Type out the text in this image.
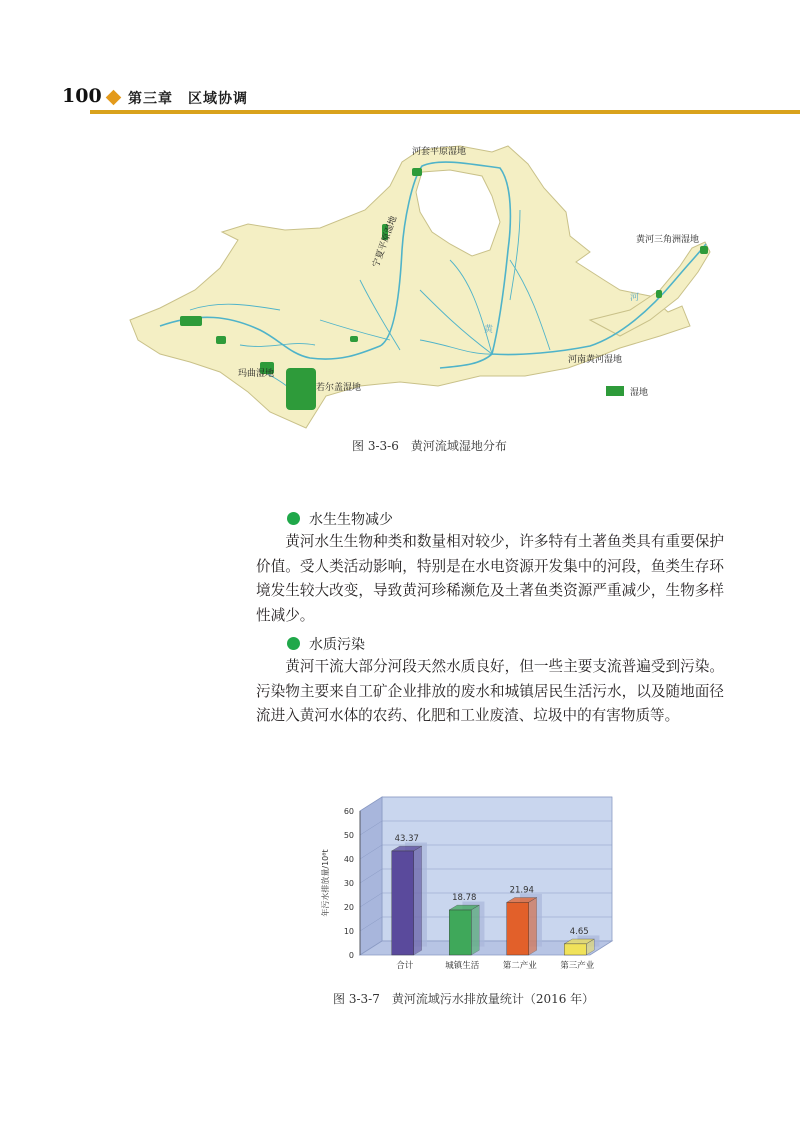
100 第三章　区域协调
河套平原湿地
宁夏平原湿地	黄河三角洲湿地
河南黄河湿地
玛曲湿地
若尔盖湿地
黄
河
湿地
图 3-3-6　黄河流域湿地分布
水生生物减少
黄河水生生物种类和数量相对较少，许多特有土著鱼类具有重要保护价值。受人类活动影响，特别是在水电资源开发集中的河段，鱼类生存环境发生较大改变，导致黄河珍稀濒危及土著鱼类资源严重减少，生物多样性减少。
水质污染
黄河干流大部分河段天然水质良好，但一些主要支流普遍受到污染。污染物主要来自工矿企业排放的废水和城镇居民生活污水，以及随地面径流进入黄河水体的农药、化肥和工业废渣、垃圾中的有害物质等。
0
10
20
30
40
50
60
年污水排放量/10⁸t
43.37
合计
18.78
城镇生活
21.94
第二产业
4.65
第三产业
图 3-3-7　黄河流域污水排放量统计（2016 年）
